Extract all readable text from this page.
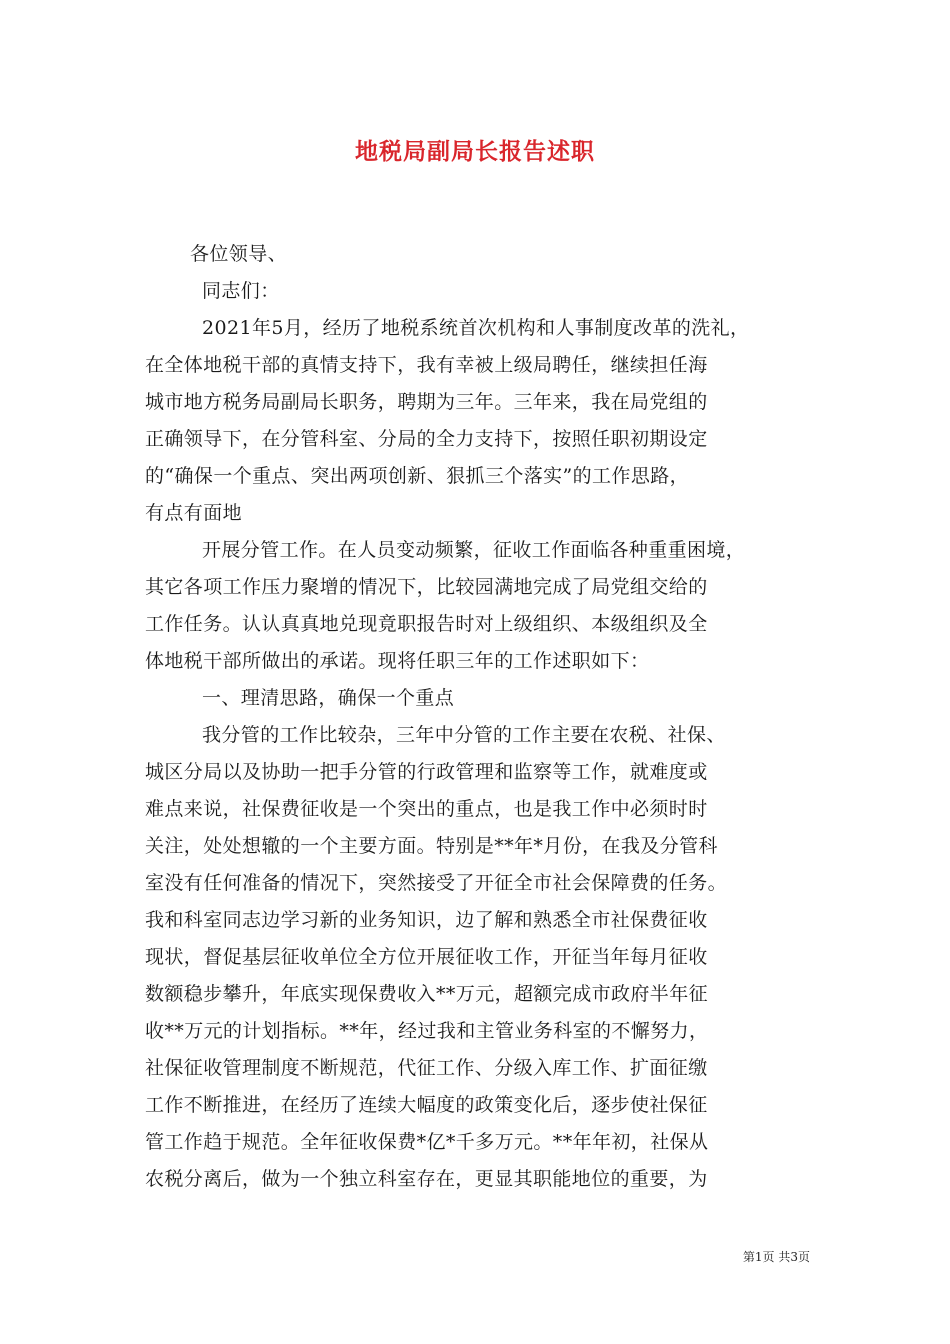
地税局副局长报告述职
各位领导、
同志们：
2021年5月，经历了地税系统首次机构和人事制度改革的洗礼，
在全体地税干部的真情支持下，我有幸被上级局聘任，继续担任海
城市地方税务局副局长职务，聘期为三年。三年来，我在局党组的
正确领导下，在分管科室、分局的全力支持下，按照任职初期设定
的“确保一个重点、突出两项创新、狠抓三个落实”的工作思路，
有点有面地
开展分管工作。在人员变动频繁，征收工作面临各种重重困境，
其它各项工作压力聚增的情况下，比较园满地完成了局党组交给的
工作任务。认认真真地兑现竟职报告时对上级组织、本级组织及全
体地税干部所做出的承诺。现将任职三年的工作述职如下：
一、理清思路，确保一个重点
我分管的工作比较杂，三年中分管的工作主要在农税、社保、
城区分局以及协助一把手分管的行政管理和监察等工作，就难度或
难点来说，社保费征收是一个突出的重点，也是我工作中必须时时
关注，处处想辙的一个主要方面。特别是**年*月份，在我及分管科
室没有任何准备的情况下，突然接受了开征全市社会保障费的任务。
我和科室同志边学习新的业务知识，边了解和熟悉全市社保费征收
现状，督促基层征收单位全方位开展征收工作，开征当年每月征收
数额稳步攀升，年底实现保费收入**万元，超额完成市政府半年征
收**万元的计划指标。**年，经过我和主管业务科室的不懈努力，
社保征收管理制度不断规范，代征工作、分级入库工作、扩面征缴
工作不断推进，在经历了连续大幅度的政策变化后，逐步使社保征
管工作趋于规范。全年征收保费*亿*千多万元。**年年初，社保从
农税分离后，做为一个独立科室存在，更显其职能地位的重要，为
第1页 共3页
